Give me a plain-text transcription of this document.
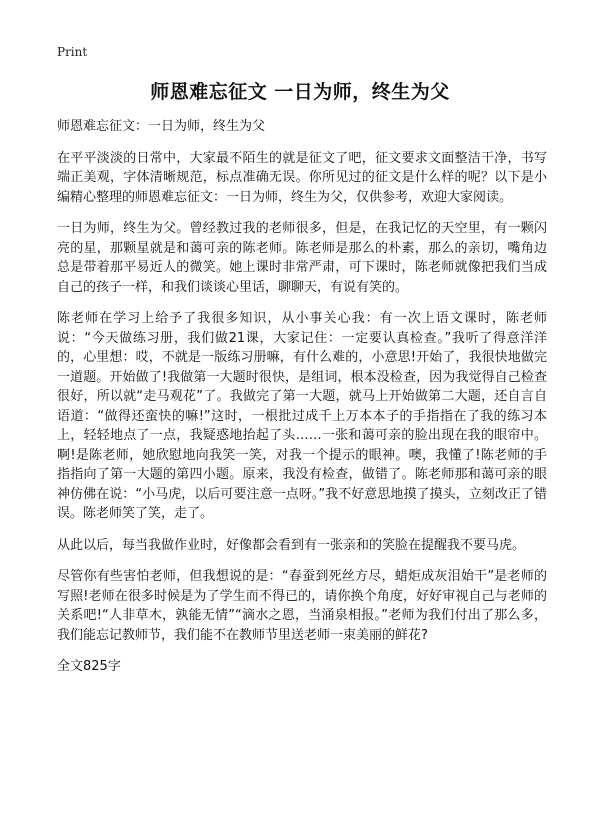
Print
师恩难忘征文 一日为师，终生为父

师恩难忘征文：一日为师，终生为父

在平平淡淡的日常中，大家最不陌生的就是征文了吧，征文要求文面整洁干净，书写端正美观，字体清晰规范，标点准确无误。你所见过的征文是什么样的呢？以下是小编精心整理的师恩难忘征文：一日为师，终生为父，仅供参考，欢迎大家阅读。

一日为师，终生为父。曾经教过我的老师很多，但是，在我记忆的天空里，有一颗闪亮的星，那颗星就是和蔼可亲的陈老师。陈老师是那么的朴素，那么的亲切，嘴角边总是带着那平易近人的微笑。她上课时非常严肃，可下课时，陈老师就像把我们当成自己的孩子一样，和我们谈谈心里话，聊聊天，有说有笑的。

陈老师在学习上给予了我很多知识，从小事关心我：有一次上语文课时，陈老师说：“今天做练习册，我们做21课，大家记住：一定要认真检查。”我听了得意洋洋的，心里想：哎，不就是一版练习册嘛，有什么难的，小意思!开始了，我很快地做完一道题。开始做了!我做第一大题时很快，是组词，根本没检查，因为我觉得自己检查很好，所以就“走马观花”了。我做完了第一大题，就马上开始做第二大题，还自言自语道：“做得还蛮快的嘛!”这时，一根批过成千上万本本子的手指指在了我的练习本上，轻轻地点了一点，我疑惑地抬起了头……一张和蔼可亲的脸出现在我的眼帘中。啊!是陈老师，她欣慰地向我笑一笑，对我一个提示的眼神。噢，我懂了!陈老师的手指指向了第一大题的第四小题。原来，我没有检查，做错了。陈老师那和蔼可亲的眼神仿佛在说：“小马虎，以后可要注意一点呀。”我不好意思地摸了摸头，立刻改正了错误。陈老师笑了笑，走了。

从此以后，每当我做作业时，好像都会看到有一张亲和的笑脸在提醒我不要马虎。

尽管你有些害怕老师，但我想说的是：“春蚕到死丝方尽，蜡炬成灰泪始干”是老师的写照!老师在很多时候是为了学生而不得已的，请你换个角度，好好审视自己与老师的关系吧!“人非草木，孰能无情”“滴水之恩，当涌泉相报。”老师为我们付出了那么多，我们能忘记教师节，我们能不在教师节里送老师一束美丽的鲜花?

全文825字
